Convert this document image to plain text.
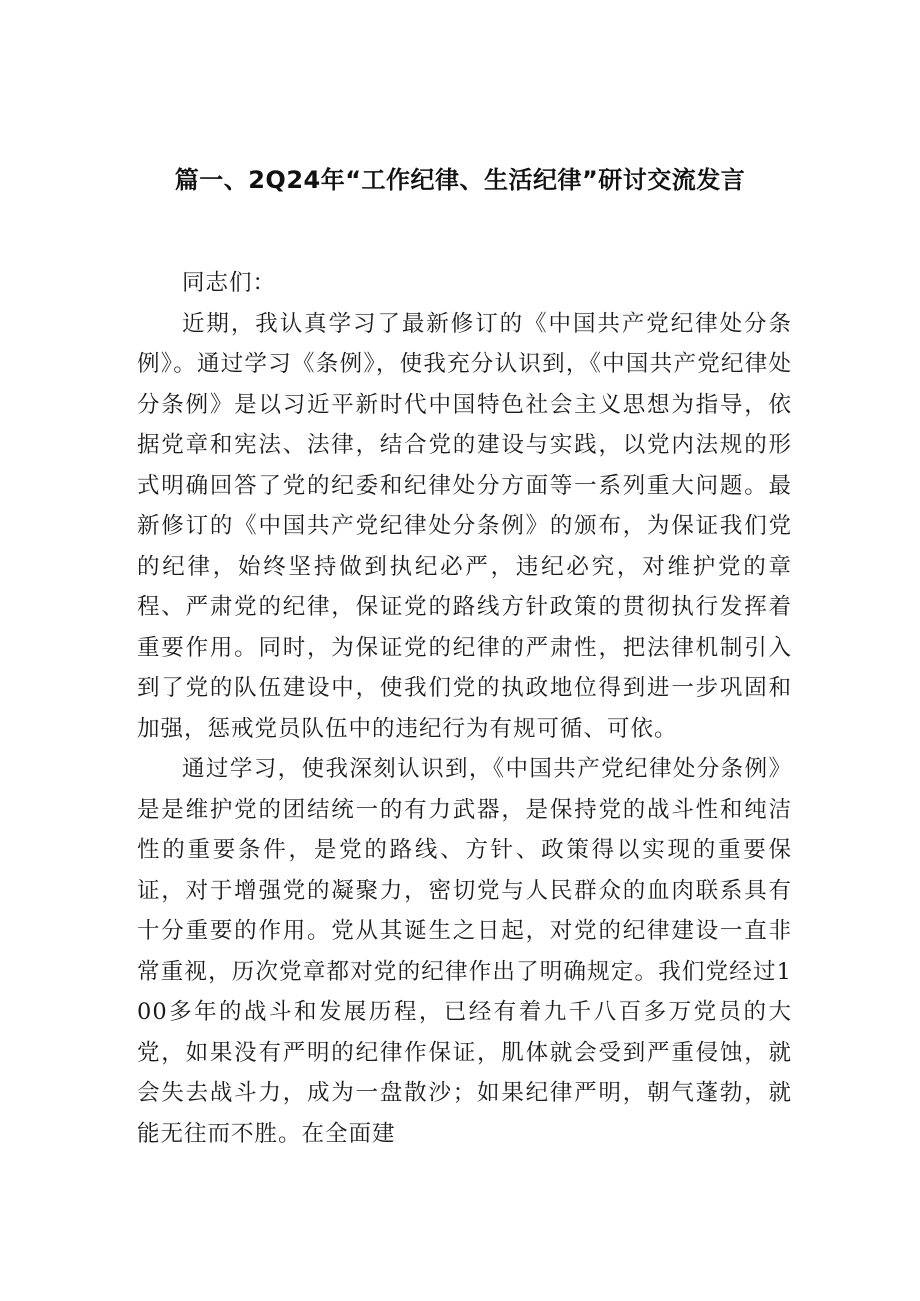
篇一、2Q24年“工作纪律、生活纪律”研讨交流发言

同志们：

近期，我认真学习了最新修订的《中国共产党纪律处分条例》。通过学习《条例》，使我充分认识到，《中国共产党纪律处分条例》是以习近平新时代中国特色社会主义思想为指导，依据党章和宪法、法律，结合党的建设与实践，以党内法规的形式明确回答了党的纪委和纪律处分方面等一系列重大问题。最新修订的《中国共产党纪律处分条例》的颁布，为保证我们党的纪律，始终坚持做到执纪必严，违纪必究，对维护党的章程、严肃党的纪律，保证党的路线方针政策的贯彻执行发挥着重要作用。同时，为保证党的纪律的严肃性，把法律机制引入到了党的队伍建设中，使我们党的执政地位得到进一步巩固和加强，惩戒党员队伍中的违纪行为有规可循、可依。

通过学习，使我深刻认识到，《中国共产党纪律处分条例》是是维护党的团结统一的有力武器，是保持党的战斗性和纯洁性的重要条件，是党的路线、方针、政策得以实现的重要保证，对于增强党的凝聚力，密切党与人民群众的血肉联系具有十分重要的作用。党从其诞生之日起，对党的纪律建设一直非常重视，历次党章都对党的纪律作出了明确规定。我们党经过100多年的战斗和发展历程，已经有着九千八百多万党员的大党，如果没有严明的纪律作保证，肌体就会受到严重侵蚀，就会失去战斗力，成为一盘散沙；如果纪律严明，朝气蓬勃，就能无往而不胜。在全面建
